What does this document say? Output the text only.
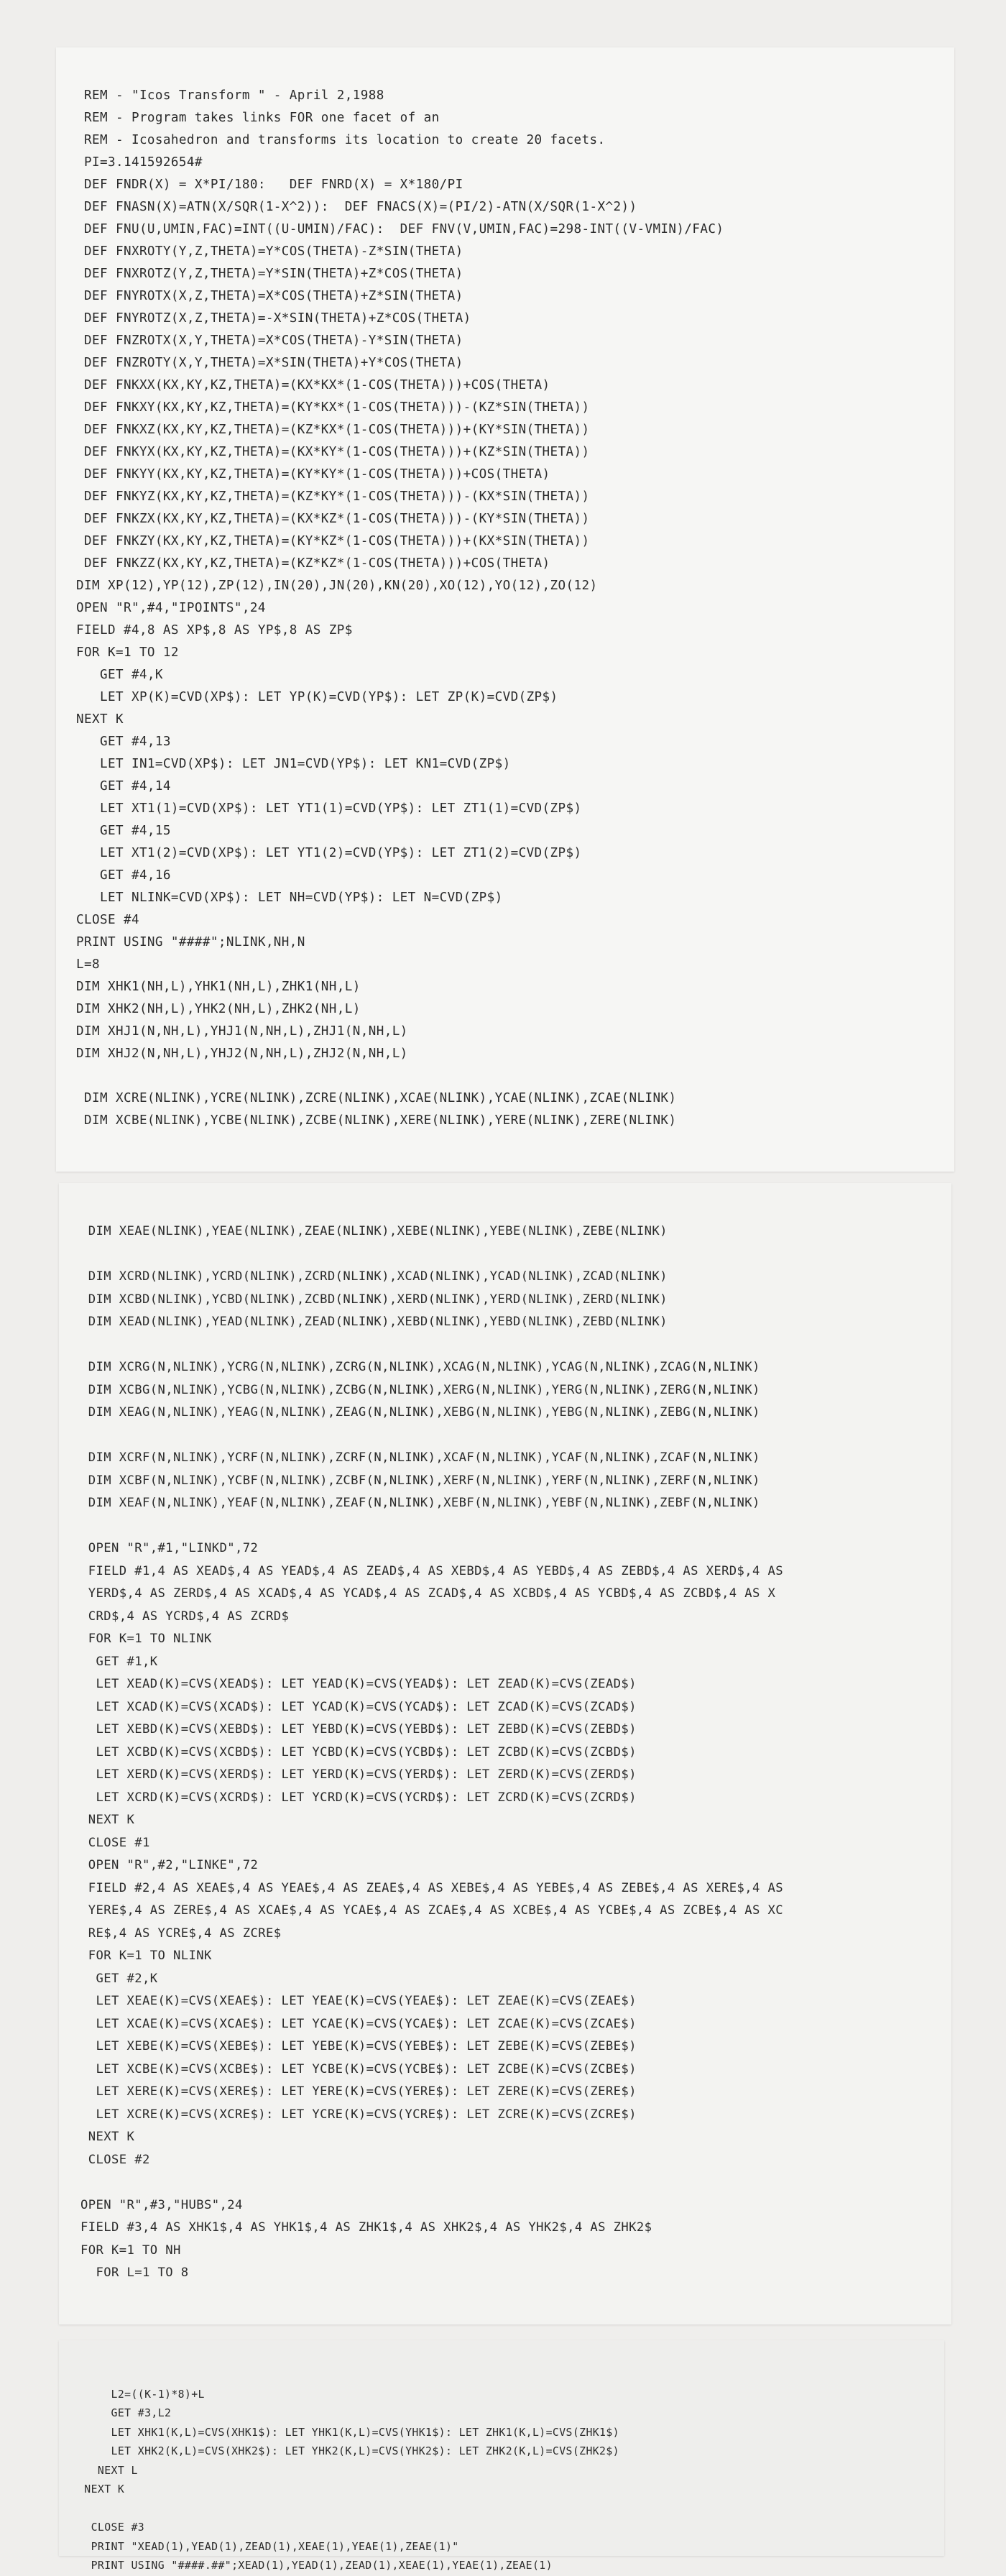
REM - "Icos Transform " - April 2,1988
REM - Program takes links FOR one facet of an
REM - Icosahedron and transforms its location to create 20 facets.
PI=3.141592654#
DEF FNDR(X) = X*PI/180:   DEF FNRD(X) = X*180/PI
DEF FNASN(X)=ATN(X/SQR(1-X^2)):  DEF FNACS(X)=(PI/2)-ATN(X/SQR(1-X^2))
DEF FNU(U,UMIN,FAC)=INT((U-UMIN)/FAC):  DEF FNV(V,UMIN,FAC)=298-INT((V-VMIN)/FAC)
DEF FNXROTY(Y,Z,THETA)=Y*COS(THETA)-Z*SIN(THETA)
DEF FNXROTZ(Y,Z,THETA)=Y*SIN(THETA)+Z*COS(THETA)
DEF FNYROTX(X,Z,THETA)=X*COS(THETA)+Z*SIN(THETA)
DEF FNYROTZ(X,Z,THETA)=-X*SIN(THETA)+Z*COS(THETA)
DEF FNZROTX(X,Y,THETA)=X*COS(THETA)-Y*SIN(THETA)
DEF FNZROTY(X,Y,THETA)=X*SIN(THETA)+Y*COS(THETA)
DEF FNKXX(KX,KY,KZ,THETA)=(KX*KX*(1-COS(THETA)))+COS(THETA)
DEF FNKXY(KX,KY,KZ,THETA)=(KY*KX*(1-COS(THETA)))-(KZ*SIN(THETA))
DEF FNKXZ(KX,KY,KZ,THETA)=(KZ*KX*(1-COS(THETA)))+(KY*SIN(THETA))
DEF FNKYX(KX,KY,KZ,THETA)=(KX*KY*(1-COS(THETA)))+(KZ*SIN(THETA))
DEF FNKYY(KX,KY,KZ,THETA)=(KY*KY*(1-COS(THETA)))+COS(THETA)
DEF FNKYZ(KX,KY,KZ,THETA)=(KZ*KY*(1-COS(THETA)))-(KX*SIN(THETA))
DEF FNKZX(KX,KY,KZ,THETA)=(KX*KZ*(1-COS(THETA)))-(KY*SIN(THETA))
DEF FNKZY(KX,KY,KZ,THETA)=(KY*KZ*(1-COS(THETA)))+(KX*SIN(THETA))
DEF FNKZZ(KX,KY,KZ,THETA)=(KZ*KZ*(1-COS(THETA)))+COS(THETA)
DIM XP(12),YP(12),ZP(12),IN(20),JN(20),KN(20),XO(12),YO(12),ZO(12)
OPEN "R",#4,"IPOINTS",24
FIELD #4,8 AS XP$,8 AS YP$,8 AS ZP$
FOR K=1 TO 12
GET #4,K
LET XP(K)=CVD(XP$): LET YP(K)=CVD(YP$): LET ZP(K)=CVD(ZP$)
NEXT K
GET #4,13
LET IN1=CVD(XP$): LET JN1=CVD(YP$): LET KN1=CVD(ZP$)
GET #4,14
LET XT1(1)=CVD(XP$): LET YT1(1)=CVD(YP$): LET ZT1(1)=CVD(ZP$)
GET #4,15
LET XT1(2)=CVD(XP$): LET YT1(2)=CVD(YP$): LET ZT1(2)=CVD(ZP$)
GET #4,16
LET NLINK=CVD(XP$): LET NH=CVD(YP$): LET N=CVD(ZP$)
CLOSE #4
PRINT USING "####";NLINK,NH,N
L=8
DIM XHK1(NH,L),YHK1(NH,L),ZHK1(NH,L)
DIM XHK2(NH,L),YHK2(NH,L),ZHK2(NH,L)
DIM XHJ1(N,NH,L),YHJ1(N,NH,L),ZHJ1(N,NH,L)
DIM XHJ2(N,NH,L),YHJ2(N,NH,L),ZHJ2(N,NH,L)
DIM XCRE(NLINK),YCRE(NLINK),ZCRE(NLINK),XCAE(NLINK),YCAE(NLINK),ZCAE(NLINK)
DIM XCBE(NLINK),YCBE(NLINK),ZCBE(NLINK),XERE(NLINK),YERE(NLINK),ZERE(NLINK)
DIM XEAE(NLINK),YEAE(NLINK),ZEAE(NLINK),XEBE(NLINK),YEBE(NLINK),ZEBE(NLINK)
DIM XCRD(NLINK),YCRD(NLINK),ZCRD(NLINK),XCAD(NLINK),YCAD(NLINK),ZCAD(NLINK)
DIM XCBD(NLINK),YCBD(NLINK),ZCBD(NLINK),XERD(NLINK),YERD(NLINK),ZERD(NLINK)
DIM XEAD(NLINK),YEAD(NLINK),ZEAD(NLINK),XEBD(NLINK),YEBD(NLINK),ZEBD(NLINK)
DIM XCRG(N,NLINK),YCRG(N,NLINK),ZCRG(N,NLINK),XCAG(N,NLINK),YCAG(N,NLINK),ZCAG(N,NLINK)
DIM XCBG(N,NLINK),YCBG(N,NLINK),ZCBG(N,NLINK),XERG(N,NLINK),YERG(N,NLINK),ZERG(N,NLINK)
DIM XEAG(N,NLINK),YEAG(N,NLINK),ZEAG(N,NLINK),XEBG(N,NLINK),YEBG(N,NLINK),ZEBG(N,NLINK)
DIM XCRF(N,NLINK),YCRF(N,NLINK),ZCRF(N,NLINK),XCAF(N,NLINK),YCAF(N,NLINK),ZCAF(N,NLINK)
DIM XCBF(N,NLINK),YCBF(N,NLINK),ZCBF(N,NLINK),XERF(N,NLINK),YERF(N,NLINK),ZERF(N,NLINK)
DIM XEAF(N,NLINK),YEAF(N,NLINK),ZEAF(N,NLINK),XEBF(N,NLINK),YEBF(N,NLINK),ZEBF(N,NLINK)
OPEN "R",#1,"LINKD",72
FIELD #1,4 AS XEAD$,4 AS YEAD$,4 AS ZEAD$,4 AS XEBD$,4 AS YEBD$,4 AS ZEBD$,4 AS XERD$,4 AS
YERD$,4 AS ZERD$,4 AS XCAD$,4 AS YCAD$,4 AS ZCAD$,4 AS XCBD$,4 AS YCBD$,4 AS ZCBD$,4 AS X
CRD$,4 AS YCRD$,4 AS ZCRD$
FOR K=1 TO NLINK
GET #1,K
LET XEAD(K)=CVS(XEAD$): LET YEAD(K)=CVS(YEAD$): LET ZEAD(K)=CVS(ZEAD$)
LET XCAD(K)=CVS(XCAD$): LET YCAD(K)=CVS(YCAD$): LET ZCAD(K)=CVS(ZCAD$)
LET XEBD(K)=CVS(XEBD$): LET YEBD(K)=CVS(YEBD$): LET ZEBD(K)=CVS(ZEBD$)
LET XCBD(K)=CVS(XCBD$): LET YCBD(K)=CVS(YCBD$): LET ZCBD(K)=CVS(ZCBD$)
LET XERD(K)=CVS(XERD$): LET YERD(K)=CVS(YERD$): LET ZERD(K)=CVS(ZERD$)
LET XCRD(K)=CVS(XCRD$): LET YCRD(K)=CVS(YCRD$): LET ZCRD(K)=CVS(ZCRD$)
NEXT K
CLOSE #1
OPEN "R",#2,"LINKE",72
FIELD #2,4 AS XEAE$,4 AS YEAE$,4 AS ZEAE$,4 AS XEBE$,4 AS YEBE$,4 AS ZEBE$,4 AS XERE$,4 AS
YERE$,4 AS ZERE$,4 AS XCAE$,4 AS YCAE$,4 AS ZCAE$,4 AS XCBE$,4 AS YCBE$,4 AS ZCBE$,4 AS XC
RE$,4 AS YCRE$,4 AS ZCRE$
FOR K=1 TO NLINK
GET #2,K
LET XEAE(K)=CVS(XEAE$): LET YEAE(K)=CVS(YEAE$): LET ZEAE(K)=CVS(ZEAE$)
LET XCAE(K)=CVS(XCAE$): LET YCAE(K)=CVS(YCAE$): LET ZCAE(K)=CVS(ZCAE$)
LET XEBE(K)=CVS(XEBE$): LET YEBE(K)=CVS(YEBE$): LET ZEBE(K)=CVS(ZEBE$)
LET XCBE(K)=CVS(XCBE$): LET YCBE(K)=CVS(YCBE$): LET ZCBE(K)=CVS(ZCBE$)
LET XERE(K)=CVS(XERE$): LET YERE(K)=CVS(YERE$): LET ZERE(K)=CVS(ZERE$)
LET XCRE(K)=CVS(XCRE$): LET YCRE(K)=CVS(YCRE$): LET ZCRE(K)=CVS(ZCRE$)
NEXT K
CLOSE #2
OPEN "R",#3,"HUBS",24
FIELD #3,4 AS XHK1$,4 AS YHK1$,4 AS ZHK1$,4 AS XHK2$,4 AS YHK2$,4 AS ZHK2$
FOR K=1 TO NH
FOR L=1 TO 8
L2=((K-1)*8)+L
GET #3,L2
LET XHK1(K,L)=CVS(XHK1$): LET YHK1(K,L)=CVS(YHK1$): LET ZHK1(K,L)=CVS(ZHK1$)
LET XHK2(K,L)=CVS(XHK2$): LET YHK2(K,L)=CVS(YHK2$): LET ZHK2(K,L)=CVS(ZHK2$)
NEXT L
NEXT K
CLOSE #3
PRINT "XEAD(1),YEAD(1),ZEAD(1),XEAE(1),YEAE(1),ZEAE(1)"
PRINT USING "####.##";XEAD(1),YEAD(1),ZEAD(1),XEAE(1),YEAE(1),ZEAE(1)
